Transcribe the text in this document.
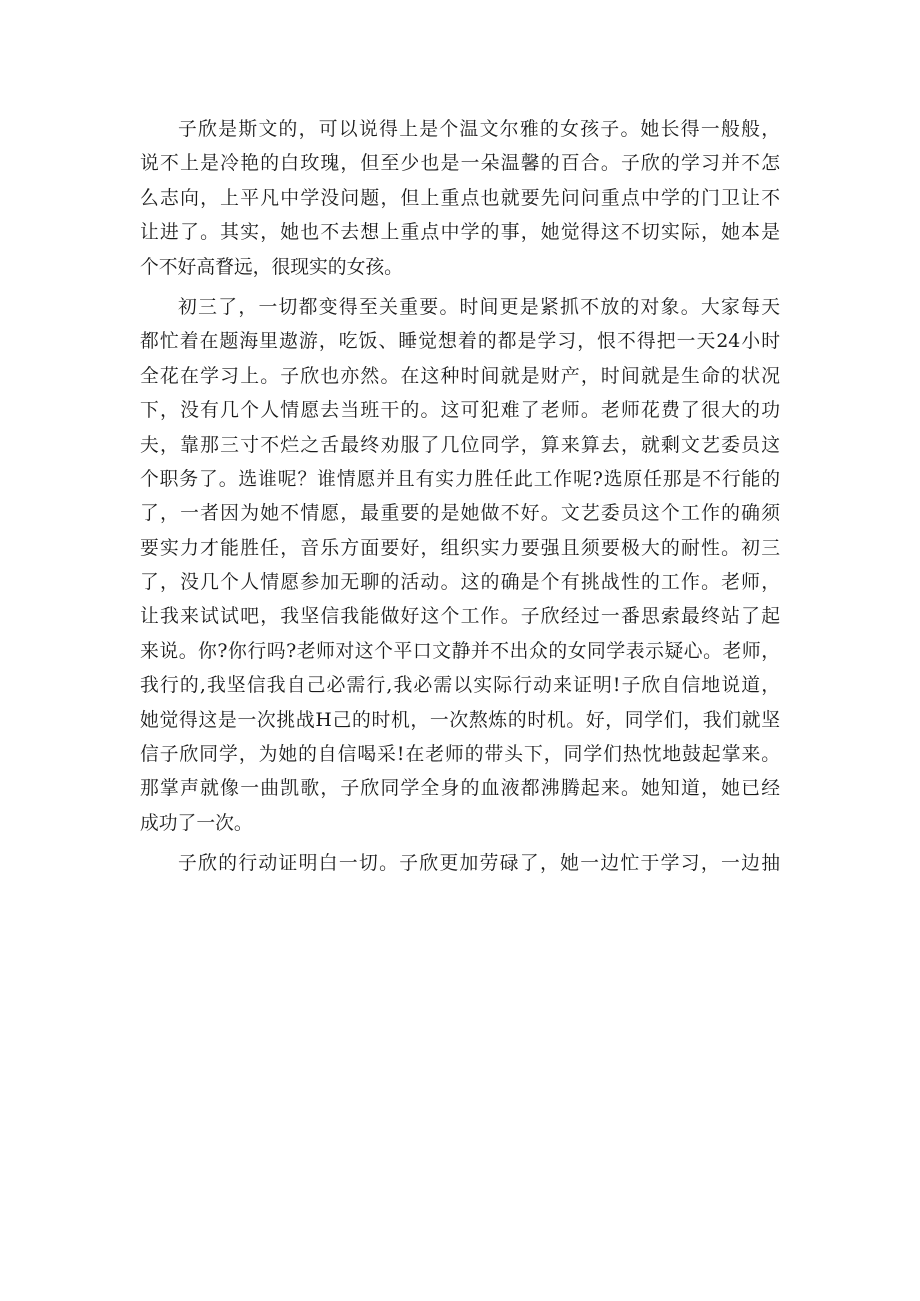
子欣是斯文的，可以说得上是个温文尔雅的女孩子。她长得一般般，
说不上是冷艳的白玫瑰，但至少也是一朵温馨的百合。子欣的学习并不怎
么志向，上平凡中学没问题，但上重点也就要先问问重点中学的门卫让不
让进了。其实，她也不去想上重点中学的事，她觉得这不切实际，她本是
个不好高瞀远，很现实的女孩。
初三了，一切都变得至关重要。时间更是紧抓不放的对象。大家每天
都忙着在题海里遨游，吃饭、睡觉想着的都是学习，恨不得把一天24小时
全花在学习上。子欣也亦然。在这种时间就是财产，时间就是生命的状况
下，没有几个人情愿去当班干的。这可犯难了老师。老师花费了很大的功
夫，靠那三寸不烂之舌最终劝服了几位同学，算来算去，就剩文艺委员这
个职务了。选谁呢？谁情愿并且有实力胜任此工作呢?选原任那是不行能的
了，一者因为她不情愿，最重要的是她做不好。文艺委员这个工作的确须
要实力才能胜任，音乐方面要好，组织实力要强且须要极大的耐性。初三
了，没几个人情愿参加无聊的活动。这的确是个有挑战性的工作。老师，
让我来试试吧，我坚信我能做好这个工作。子欣经过一番思索最终站了起
来说。你?你行吗?老师对这个平口文静并不出众的女同学表示疑心。老师，
我行的,我坚信我自己必需行,我必需以实际行动来证明!子欣自信地说道，
她觉得这是一次挑战H己的时机，一次熬炼的时机。好，同学们，我们就坚
信子欣同学，为她的自信喝采!在老师的带头下，同学们热忱地鼓起掌来。
那掌声就像一曲凯歌，子欣同学全身的血液都沸腾起来。她知道，她已经
成功了一次。
子欣的行动证明白一切。子欣更加劳碌了，她一边忙于学习，一边抽
